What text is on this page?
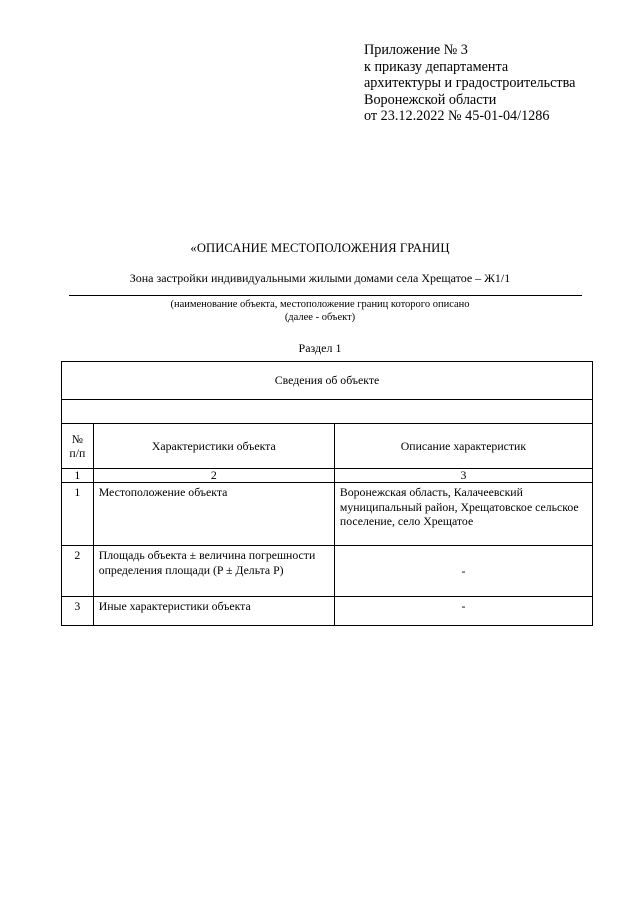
Приложение № 3
к приказу департамента
архитектуры и градостроительства
Воронежской области
от 23.12.2022 № 45-01-04/1286
«ОПИСАНИЕ МЕСТОПОЛОЖЕНИЯ ГРАНИЦ
Зона застройки индивидуальными жилыми домами села Хрещатое – Ж1/1
(наименование объекта, местоположение границ которого описано
(далее - объект)
Раздел 1
Сведения об объекте		

№ п/п	Характеристики объекта	Описание характеристик
1	2	3
1	Местоположение объекта	Воронежская область, Калачеевский муниципальный район, Хрещатовское сельское поселение, село Хрещатое
2	Площадь объекта ± величина погрешности определения площади (P ± Дельта P)	-
3	Иные характеристики объекта	-
